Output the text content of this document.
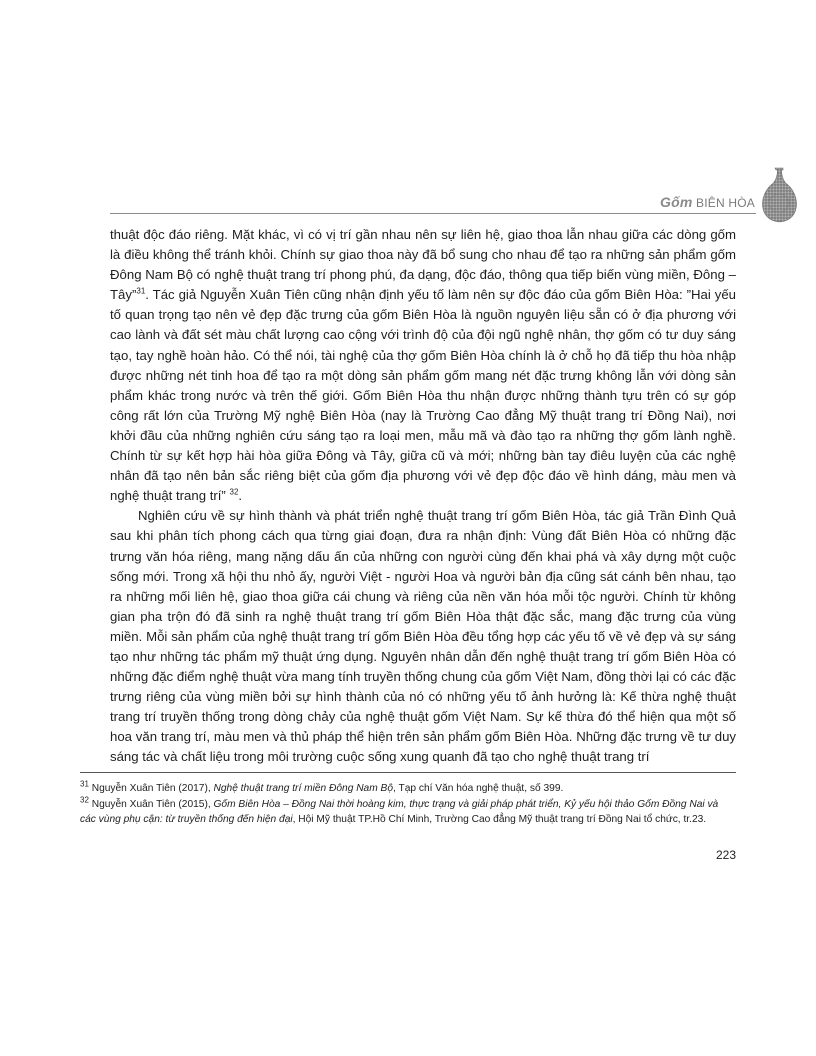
Gốm BIÊN HÒA

thuật độc đáo riêng. Mặt khác, vì có vị trí gần nhau nên sự liên hệ, giao thoa lẫn nhau giữa các dòng gốm là điều không thể tránh khỏi. Chính sự giao thoa này đã bổ sung cho nhau để tạo ra những sản phẩm gốm Đông Nam Bộ có nghệ thuật trang trí phong phú, đa dạng, độc đáo, thông qua tiếp biến vùng miền, Đông – Tây”$^{31}$. Tác giả Nguyễn Xuân Tiên cũng nhận định yếu tố làm nên sự độc đáo của gốm Biên Hòa: ”Hai yếu tố quan trọng tạo nên vẻ đẹp đặc trưng của gốm Biên Hòa là nguồn nguyên liệu sẵn có ở địa phương với cao lành và đất sét màu chất lượng cao cộng với trình độ của đội ngũ nghệ nhân, thợ gốm có tư duy sáng tạo, tay nghề hoàn hảo. Có thể nói, tài nghệ của thợ gốm Biên Hòa chính là ở chỗ họ đã tiếp thu hòa nhập được những nét tinh hoa để tạo ra một dòng sản phẩm gốm mang nét đặc trưng không lẫn với dòng sản phẩm khác trong nước và trên thế giới. Gốm Biên Hòa thu nhận được những thành tựu trên có sự góp công rất lớn của Trường Mỹ nghệ Biên Hòa (nay là Trường Cao đẳng Mỹ thuật trang trí Đồng Nai), nơi khởi đầu của những nghiên cứu sáng tạo ra loại men, mẫu mã và đào tạo ra những thợ gốm lành nghề. Chính từ sự kết hợp hài hòa giữa Đông và Tây, giữa cũ và mới; những bàn tay điêu luyện của các nghệ nhân đã tạo nên bản sắc riêng biệt của gốm địa phương với vẻ đẹp độc đáo về hình dáng, màu men và nghệ thuật trang trí” $^{32}$.

Nghiên cứu về sự hình thành và phát triển nghệ thuật trang trí gốm Biên Hòa, tác giả Trần Đình Quả sau khi phân tích phong cách qua từng giai đoạn, đưa ra nhận định: Vùng đất Biên Hòa có những đặc trưng văn hóa riêng, mang nặng dấu ấn của những con người cùng đến khai phá và xây dựng một cuộc sống mới. Trong xã hội thu nhỏ ấy, người Việt - người Hoa và người bản địa cũng sát cánh bên nhau, tạo ra những mối liên hệ, giao thoa giữa cái chung và riêng của nền văn hóa mỗi tộc người. Chính từ không gian pha trộn đó đã sinh ra nghệ thuật trang trí gốm Biên Hòa thật đặc sắc, mang đặc trưng của vùng miền. Mỗi sản phẩm của nghệ thuật trang trí gốm Biên Hòa đều tổng hợp các yếu tố về vẻ đẹp và sự sáng tạo như những tác phẩm mỹ thuật ứng dụng. Nguyên nhân dẫn đến nghệ thuật trang trí gốm Biên Hòa có những đặc điểm nghệ thuật vừa mang tính truyền thống chung của gốm Việt Nam, đồng thời lại có các đặc trưng riêng của vùng miền bởi sự hình thành của nó có những yếu tố ảnh hưởng là: Kế thừa nghệ thuật trang trí truyền thống trong dòng chảy của nghệ thuật gốm Việt Nam. Sự kế thừa đó thể hiện qua một số hoa văn trang trí, màu men và thủ pháp thể hiện trên sản phẩm gốm Biên Hòa. Những đặc trưng về tư duy sáng tác và chất liệu trong môi trường cuộc sống xung quanh đã tạo cho nghệ thuật trang trí

$^{31}$ Nguyễn Xuân Tiên (2017), Nghệ thuật trang trí miền Đông Nam Bộ, Tạp chí Văn hóa nghệ thuật, số 399.

$^{32}$ Nguyễn Xuân Tiên (2015), Gốm Biên Hòa – Đồng Nai thời hoàng kim, thực trạng và giải pháp phát triển, Kỷ yếu hội thảo Gốm Đồng Nai và các vùng phụ cận: từ truyền thống đến hiện đại, Hội Mỹ thuật TP.Hồ Chí Minh, Trường Cao đẳng Mỹ thuật trang trí Đồng Nai tổ chức, tr.23.

223
